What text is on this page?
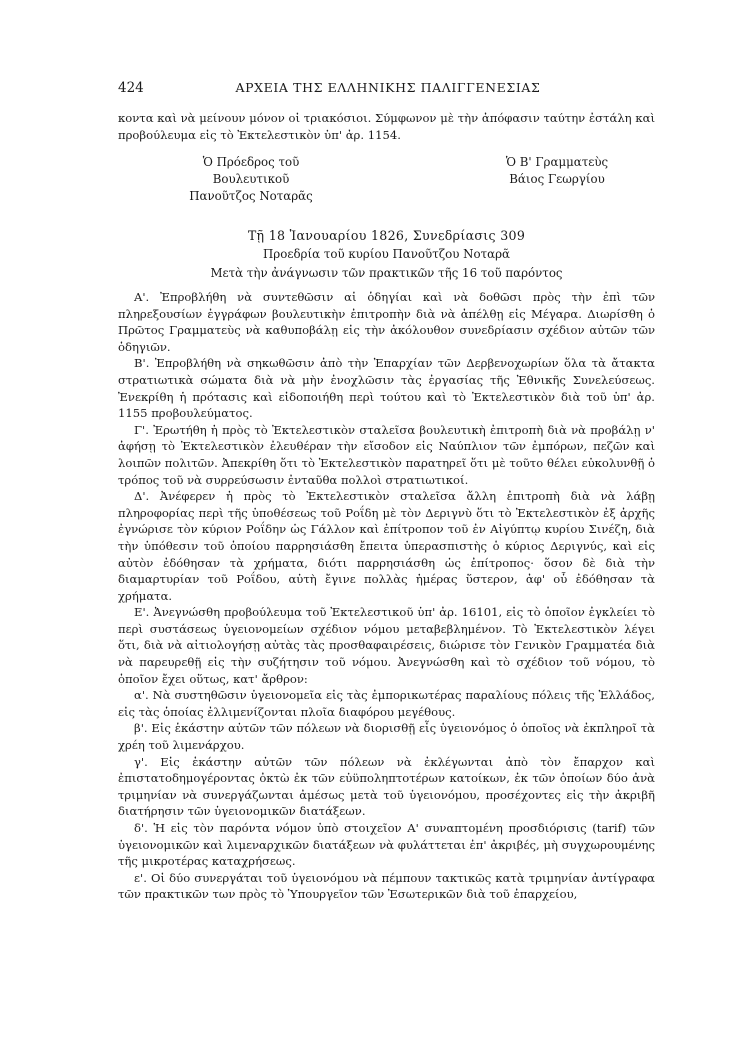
424	ΑΡΧΕΙΑ ΤΗΣ ΕΛΛΗΝΙΚΗΣ ΠΑΛΙΓΓΕΝΕΣΙΑΣ

κοντα καὶ νὰ μείνουν μόνον οἱ τριακόσιοι. Σύμφωνον μὲ τὴν ἀπόφασιν ταύτην ἐστάλη καὶ προβούλευμα εἰς τὸ Ἐκτελεστικὸν ὑπ' ἀρ. 1154.

Ὁ Πρόεδρος τοῦ Βουλευτικοῦ
Πανοῦτζος Νοταρᾶς
Ὁ Β' Γραμματεὺς
Βάιος Γεωργίου
Τῇ 18 Ἰανουαρίου 1826, Συνεδρίασις 309
Προεδρία τοῦ κυρίου Πανοῦτζου Νοταρᾶ
Μετὰ τὴν ἀνάγνωσιν τῶν πρακτικῶν τῆς 16 τοῦ παρόντος

Α'. Ἐπροβλήθη νὰ συντεθῶσιν αἱ ὁδηγίαι καὶ νὰ δοθῶσι πρὸς τὴν ἐπὶ τῶν πληρεξουσίων ἐγγράφων βουλευτικὴν ἐπιτροπὴν διὰ νὰ ἀπέλθῃ εἰς Μέγαρα. Διωρίσθη ὁ Πρῶτος Γραμματεὺς νὰ καθυποβάλῃ εἰς τὴν ἀκόλουθον συνεδρίασιν σχέδιον αὐτῶν τῶν ὁδηγιῶν.

Β'. Ἐπροβλήθη νὰ σηκωθῶσιν ἀπὸ τὴν Ἐπαρχίαν τῶν Δερβενοχωρίων ὅλα τὰ ἄτακτα στρατιωτικὰ σώματα διὰ νὰ μὴν ἐνοχλῶσιν τὰς ἐργασίας τῆς Ἐθνικῆς Συνελεύσεως. Ἐνεκρίθη ἡ πρότασις καὶ εἰδοποιήθη περὶ τούτου καὶ τὸ Ἐκτελεστικὸν διὰ τοῦ ὑπ' ἀρ. 1155 προβουλεύματος.

Γ'. Ἐρωτήθη ἡ πρὸς τὸ Ἐκτελεστικὸν σταλεῖσα βουλευτικὴ ἐπιτροπὴ διὰ νὰ προβάλῃ ν' ἀφήσῃ τὸ Ἐκτελεστικὸν ἐλευθέραν τὴν εἴσοδον εἰς Ναύπλιον τῶν ἐμπόρων, πεζῶν καὶ λοιπῶν πολιτῶν. Ἀπεκρίθη ὅτι τὸ Ἐκτελεστικὸν παρατηρεῖ ὅτι μὲ τοῦτο θέλει εὐκολυνθῇ ὁ τρόπος τοῦ νὰ συρρεύσωσιν ἐνταῦθα πολλοὶ στρατιωτικοί.

Δ'. Ἀνέφερεν ἡ πρὸς τὸ Ἐκτελεστικὸν σταλεῖσα ἄλλη ἐπιτροπὴ διὰ νὰ λάβῃ πληροφορίας περὶ τῆς ὑποθέσεως τοῦ Ροΐδη μὲ τὸν Δεριγνὺ ὅτι τὸ Ἐκτελεστικὸν ἐξ ἀρχῆς ἐγνώρισε τὸν κύριον Ροΐδην ὡς Γάλλον καὶ ἐπίτροπον τοῦ ἐν Αἰγύπτῳ κυρίου Σινέζη, διὰ τὴν ὑπόθεσιν τοῦ ὁποίου παρρησιάσθη ἔπειτα ὑπερασπιστὴς ὁ κύριος Δεριγνύς, καὶ εἰς αὐτὸν ἐδόθησαν τὰ χρήματα, διότι παρρησιάσθη ὡς ἐπίτροπος· ὅσον δὲ διὰ τὴν διαμαρτυρίαν τοῦ Ροΐδου, αὐτὴ ἔγινε πολλὰς ἡμέρας ὕστερον, ἀφ' οὗ ἐδόθησαν τὰ χρήματα.

Ε'. Ἀνεγνώσθη προβούλευμα τοῦ Ἐκτελεστικοῦ ὑπ' ἀρ. 16101, εἰς τὸ ὁποῖον ἐγκλείει τὸ περὶ συστάσεως ὑγειονομείων σχέδιον νόμου μεταβεβλημένον. Τὸ Ἐκτελεστικὸν λέγει ὅτι, διὰ νὰ αἰτιολογήσῃ αὐτὰς τὰς προσθαφαιρέσεις, διώρισε τὸν Γενικὸν Γραμματέα διὰ νὰ παρευρεθῇ εἰς τὴν συζήτησιν τοῦ νόμου. Ἀνεγνώσθη καὶ τὸ σχέδιον τοῦ νόμου, τὸ ὁποῖον ἔχει οὕτως, κατ' ἄρθρον:

α'. Νὰ συστηθῶσιν ὑγειονομεῖα εἰς τὰς ἐμπορικωτέρας παραλίους πόλεις τῆς Ἑλλάδος, εἰς τὰς ὁποίας ἐλλιμενίζονται πλοῖα διαφόρου μεγέθους.

β'. Εἰς ἑκάστην αὐτῶν τῶν πόλεων νὰ διορισθῇ εἷς ὑγειονόμος ὁ ὁποῖος νὰ ἐκπληροῖ τὰ χρέη τοῦ λιμενάρχου.

γ'. Εἰς ἑκάστην αὐτῶν τῶν πόλεων νὰ ἐκλέγωνται ἀπὸ τὸν ἔπαρχον καὶ ἐπιστατοδημογέροντας ὀκτὼ ἐκ τῶν εὐϋποληπτοτέρων κατοίκων, ἐκ τῶν ὁποίων δύο ἀνὰ τριμηνίαν νὰ συνεργάζωνται ἀμέσως μετὰ τοῦ ὑγειονόμου, προσέχοντες εἰς τὴν ἀκριβῆ διατήρησιν τῶν ὑγειονομικῶν διατάξεων.

δ'. Ἡ εἰς τὸν παρόντα νόμον ὑπὸ στοιχεῖον Α' συναπτομένη προσδιόρισις (tarif) τῶν ὑγειονομικῶν καὶ λιμεναρχικῶν διατάξεων νὰ φυλάττεται ἐπ' ἀκριβές, μὴ συγχωρουμένης τῆς μικροτέρας καταχρήσεως.

ε'. Οἱ δύο συνεργάται τοῦ ὑγειονόμου νὰ πέμπουν τακτικῶς κατὰ τριμηνίαν ἀντίγραφα τῶν πρακτικῶν των πρὸς τὸ Ὑπουργεῖον τῶν Ἐσωτερικῶν διὰ τοῦ ἐπαρχείου,
